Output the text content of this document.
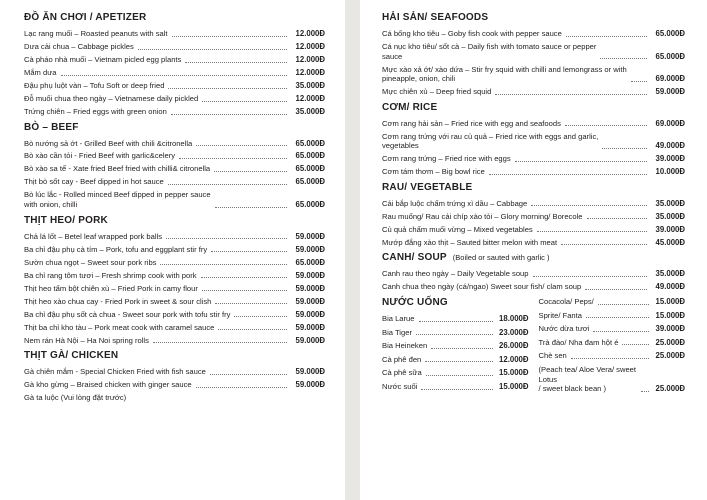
ĐỒ ĂN CHƠI / APETIZER
Lạc rang muối – Roasted peanuts with salt	12.000Đ
Dưa cải chua – Cabbage pickles	12.000Đ
Cà pháo nhà muối – Vietnam picled egg plants	12.000Đ
Mắm dưa	12.000Đ
Đậu phụ luột vàn – Tofu Soft or deep fried	35.000Đ
Đỗ muối chua theo ngày – Vietnamese daily pickled	12.000Đ
Trứng chiên – Fried eggs with green onion	35.000Đ
BÒ – BEEF
Bò nướng sả ớt - Grilled Beef with chili &citronella	65.000Đ
Bò xào cần tỏi - Fried Beef with garlic&celery	65.000Đ
Bò xào sa tế - Xate fried Beef fried with chilli& citronella	65.000Đ
Thịt bò sốt cay - Beef dipped in hot sauce	65.000Đ
Bò lúc lắc - Rolled minced Beef dipped in pepper sauce
with onion, chilli	65.000Đ
THỊT HEO/ PORK
Chả lá lốt – Betel leaf wrapped pork balls	59.000Đ
Ba chỉ đậu phụ cà tím – Pork, tofu and eggplant stir fry	59.000Đ
Sườn chua ngọt – Sweet sour pork ribs	65.000Đ
Ba chỉ rang tôm tươi – Fresh shrimp cook with pork	59.000Đ
Thịt heo tẩm bột chiên xù – Fried Pork in camy flour	59.000Đ
Thịt heo xào chua cay - Fried Pork in sweet & sour clish	59.000Đ
Ba chỉ đậu phụ sốt cà chua - Sweet sour pork with tofu stir fry	59.000Đ
Thịt ba chỉ kho tàu – Pork meat cook with caramel sauce	59.000Đ
Nem rán Hà Nội – Ha Noi spring rolls	59.000Đ
THỊT GÀ/ CHICKEN
Gà chiên mắm - Special Chicken Fried with fish sauce	59.000Đ
Gà kho gừng – Braised chicken with ginger sauce	59.000Đ
Gà ta luộc (Vui lòng đặt trước)
HẢI SẢN/ SEAFOODS
Cá bống kho tiêu – Goby fish cook with pepper sauce	65.000Đ
Cá nục kho tiêu/ sốt cà – Daily fish with tomato sauce or pepper
sauce	65.000Đ
Mực xào xả ớt/ xào dứa – Stir fry squid with chilli and lemongrass or with
pineapple, onion, chili	69.000Đ
Mực chiên xù – Deep fried squid	59.000Đ
CƠM/ RICE
Cơm rang hải sản – Fried rice with egg and seafoods	69.000Đ
Cơm rang trứng với rau củ quả – Fried rice with eggs and garlic,
vegetables	49.000Đ
Cơm rang trứng – Fried rice with eggs	39.000Đ
Cơm tám thơm – Big bowl rice	10.000Đ
RAU/ VEGETABLE
Cải bắp luộc chấm trứng xì dầu – Cabbage	35.000Đ
Rau muống/ Rau cải chíp xào tỏi – Glory morning/ Borecole	35.000Đ
Củ quả chấm muối vừng – Mixed vegetables	39.000Đ
Mướp đắng xào thịt – Sauted bitter melon with meat	45.000Đ
CANH/ SOUP (Boiled or sauted with garlic )
Canh rau theo ngày – Daily Vegetable soup	35.000Đ
Canh chua theo ngày (cá/ngao) Sweet sour fish/ clam soup	49.000Đ
NƯỚC UỐNG
Bia Larue	18.000Đ
Bia Tiger	23.000Đ
Bia Heineken	26.000Đ
Cà phê đen	12.000Đ
Cà phê sữa	15.000Đ
Nước suối	15.000Đ
Cocacola/ Peps/	15.000Đ
Sprite/ Fanta	15.000Đ
Nước dừa tươi	39.000Đ
Trà đào/ Nha đam hột é	25.000Đ
Chè sen	25.000Đ
(Peach tea/ Aloe Vera/ sweet Lotus
/ sweet black bean )	25.000Đ
